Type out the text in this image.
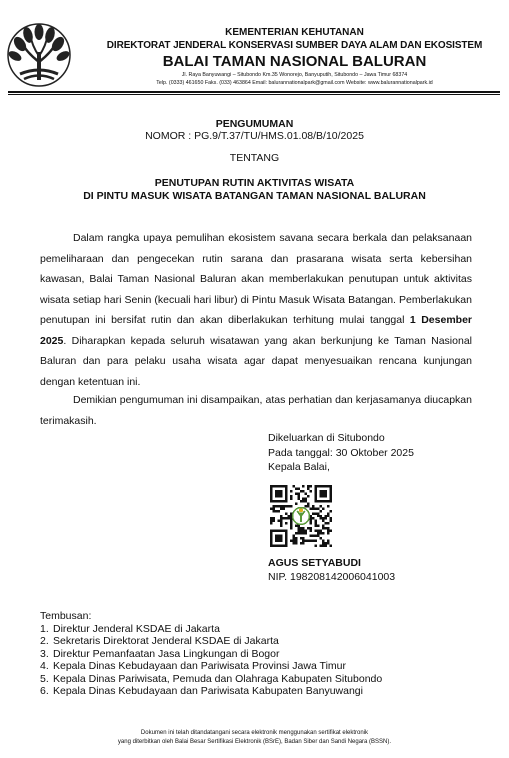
KEMENTERIAN KEHUTANAN
DIREKTORAT JENDERAL KONSERVASI SUMBER DAYA ALAM DAN EKOSISTEM
BALAI TAMAN NASIONAL BALURAN
Jl. Raya Banyuwangi – Situbondo Km.35 Wonorejo, Banyuputih, Situbondo – Jawa Timur 68374
Telp. (0333) 461650 Faks. (033) 463864 Email: balurannationalpark@gmail.com Website: www.balurannationalpark.id
PENGUMUMAN
NOMOR : PG.9/T.37/TU/HMS.01.08/B/10/2025
TENTANG
PENUTUPAN RUTIN AKTIVITAS WISATA
DI PINTU MASUK WISATA BATANGAN TAMAN NASIONAL BALURAN

Dalam rangka upaya pemulihan ekosistem savana secara berkala dan pelaksanaan pemeliharaan dan pengecekan rutin sarana dan prasarana wisata serta kebersihan kawasan, Balai Taman Nasional Baluran akan memberlakukan penutupan untuk aktivitas wisata setiap hari Senin (kecuali hari libur) di Pintu Masuk Wisata Batangan. Pemberlakukan penutupan ini bersifat rutin dan akan diberlakukan terhitung mulai tanggal 1 Desember 2025. Diharapkan kepada seluruh wisatawan yang akan berkunjung ke Taman Nasional Baluran dan para pelaku usaha wisata agar dapat menyesuaikan rencana kunjungan dengan ketentuan ini.

Demikian pengumuman ini disampaikan, atas perhatian dan kerjasamanya diucapkan terimakasih.

Dikeluarkan di Situbondo
Pada tanggal: 30 Oktober 2025
Kepala Balai,
AGUS SETYABUDI
NIP. 198208142006041003
Tembusan:
1. Direktur Jenderal KSDAE di Jakarta
2. Sekretaris Direktorat Jenderal KSDAE di Jakarta
3. Direktur Pemanfaatan Jasa Lingkungan di Bogor
4. Kepala Dinas Kebudayaan dan Pariwisata Provinsi Jawa Timur
5. Kepala Dinas Pariwisata, Pemuda dan Olahraga Kabupaten Situbondo
6. Kepala Dinas Kebudayaan dan Pariwisata Kabupaten Banyuwangi
Dokumen ini telah ditandatangani secara elektronik menggunakan sertifikat elektronik
yang diterbitkan oleh Balai Besar Sertifikasi Elektronik (BSrE), Badan Siber dan Sandi Negara (BSSN).
